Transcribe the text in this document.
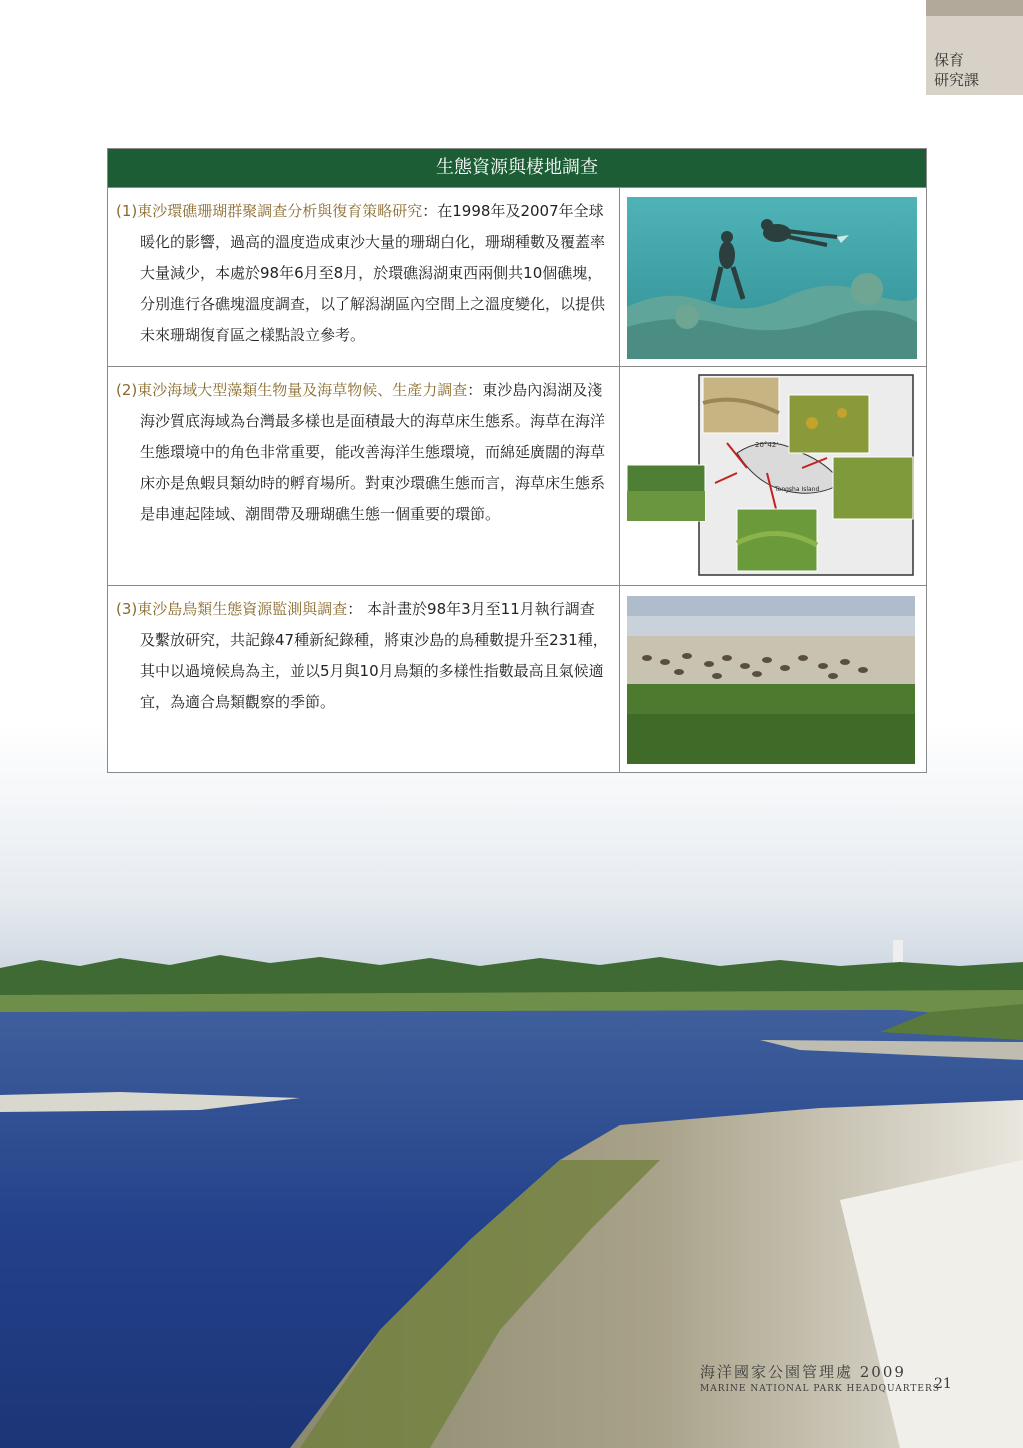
保育
研究課
生態資源與棲地調查

(1)東沙環礁珊瑚群聚調查分析與復育策略研究：在1998年及2007年全球暖化的影響，過高的溫度造成東沙大量的珊瑚白化，珊瑚種數及覆蓋率大量減少，本處於98年6月至8月，於環礁潟湖東西兩側共10個礁塊，分別進行各礁塊溫度調查，以了解潟湖區內空間上之溫度變化，以提供未來珊瑚復育區之樣點設立參考。

(2)東沙海域大型藻類生物量及海草物候、生產力調查：東沙島內潟湖及淺海沙質底海域為台灣最多樣也是面積最大的海草床生態系。海草在海洋生態環境中的角色非常重要，能改善海洋生態環境，而綿延廣闊的海草床亦是魚蝦貝類幼時的孵育場所。對東沙環礁生態而言，海草床生態系是串連起陸域、潮間帶及珊瑚礁生態一個重要的環節。

20°42'
Tongsha Island

(3)東沙島鳥類生態資源監測與調查： 本計畫於98年3月至11月執行調查及繫放研究，共記錄47種新紀錄種，將東沙島的鳥種數提升至231種，其中以過境候鳥為主，並以5月與10月鳥類的多樣性指數最高且氣候適宜，為適合鳥類觀察的季節。

海洋國家公園管理處 2009
MARINE NATIONAL PARK HEADQUARTERS
21
